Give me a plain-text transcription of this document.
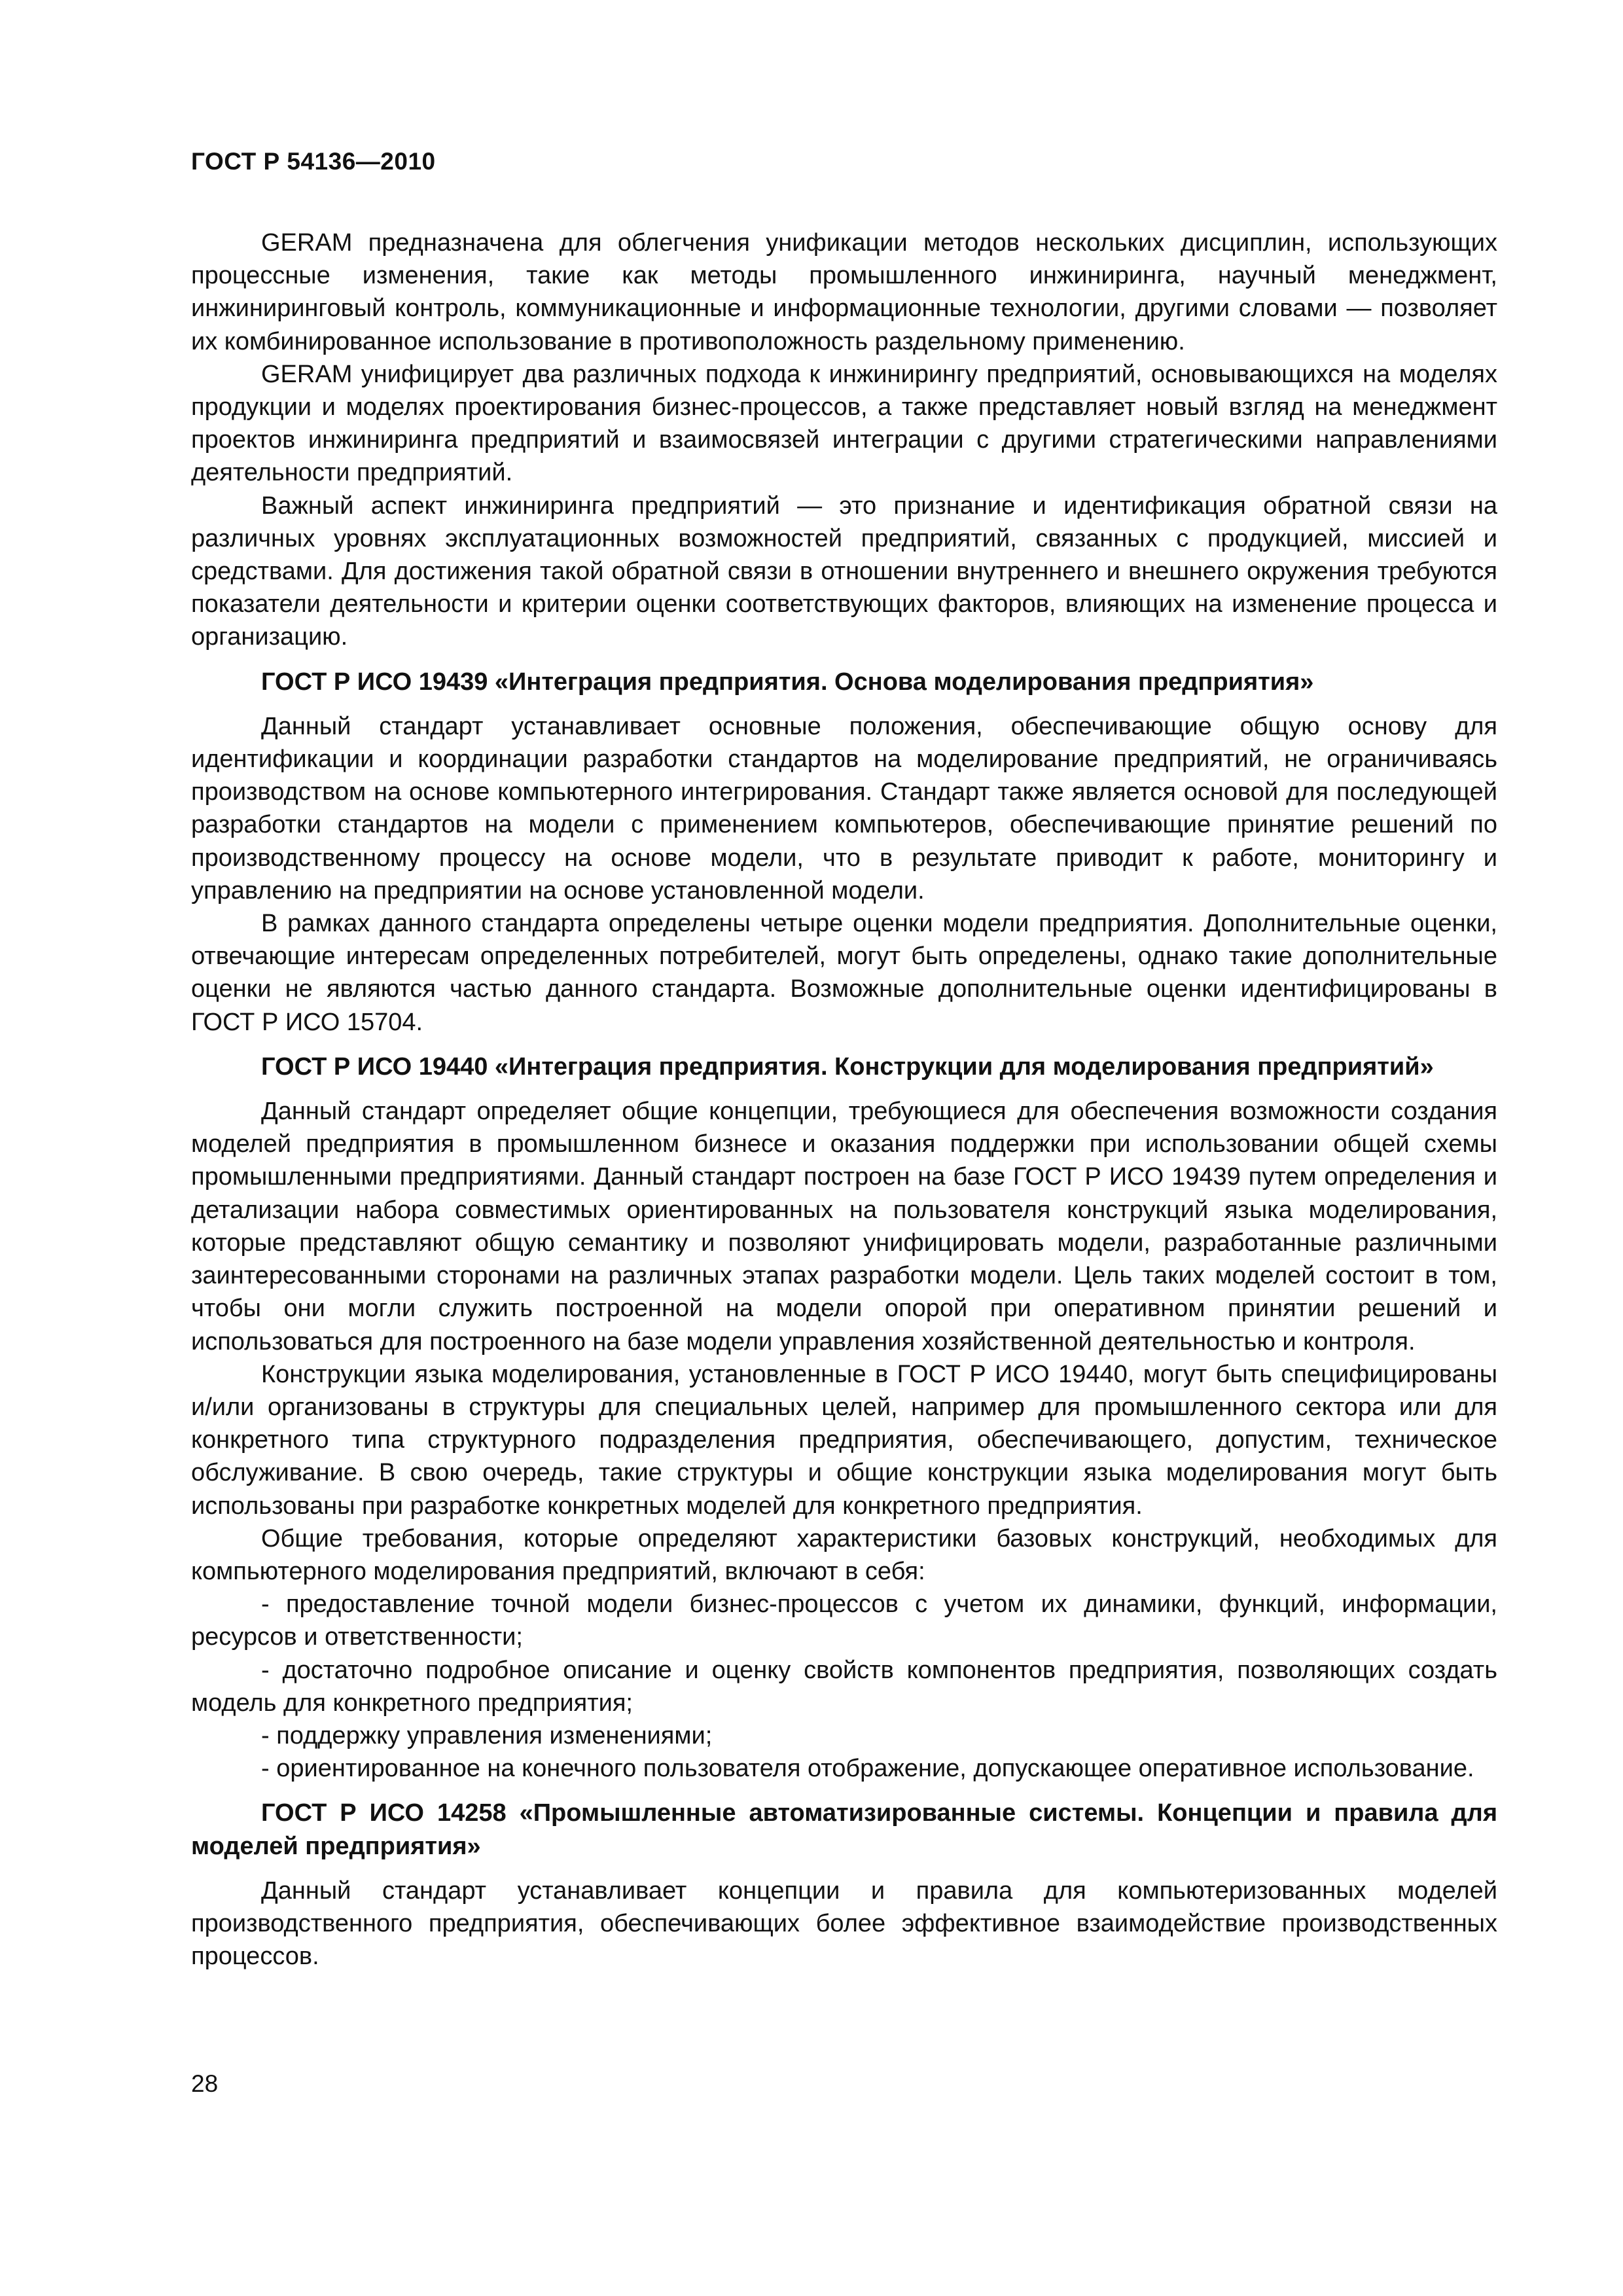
ГОСТ Р 54136—2010

GERAM предназначена для облегчения унификации методов нескольких дисциплин, использующих процессные изменения, такие как методы промышленного инжиниринга, научный менеджмент, инжиниринговый контроль, коммуникационные и информационные технологии, другими словами — позволяет их комбинированное использование в противоположность раздельному применению.

GERAM унифицирует два различных подхода к инжинирингу предприятий, основывающихся на моделях продукции и моделях проектирования бизнес-процессов, а также представляет новый взгляд на менеджмент проектов инжиниринга предприятий и взаимосвязей интеграции с другими стратегическими направлениями деятельности предприятий.

Важный аспект инжиниринга предприятий — это признание и идентификация обратной связи на различных уровнях эксплуатационных возможностей предприятий, связанных с продукцией, миссией и средствами. Для достижения такой обратной связи в отношении внутреннего и внешнего окружения требуются показатели деятельности и критерии оценки соответствующих факторов, влияющих на изменение процесса и организацию.

ГОСТ Р ИСО 19439 «Интеграция предприятия. Основа моделирования предприятия»

Данный стандарт устанавливает основные положения, обеспечивающие общую основу для идентификации и координации разработки стандартов на моделирование предприятий, не ограничиваясь производством на основе компьютерного интегрирования. Стандарт также является основой для последующей разработки стандартов на модели с применением компьютеров, обеспечивающие принятие решений по производственному процессу на основе модели, что в результате приводит к работе, мониторингу и управлению на предприятии на основе установленной модели.

В рамках данного стандарта определены четыре оценки модели предприятия. Дополнительные оценки, отвечающие интересам определенных потребителей, могут быть определены, однако такие дополнительные оценки не являются частью данного стандарта. Возможные дополнительные оценки идентифицированы в ГОСТ Р ИСО 15704.

ГОСТ Р ИСО 19440 «Интеграция предприятия. Конструкции для моделирования предприятий»

Данный стандарт определяет общие концепции, требующиеся для обеспечения возможности создания моделей предприятия в промышленном бизнесе и оказания поддержки при использовании общей схемы промышленными предприятиями. Данный стандарт построен на базе ГОСТ Р ИСО 19439 путем определения и детализации набора совместимых ориентированных на пользователя конструкций языка моделирования, которые представляют общую семантику и позволяют унифицировать модели, разработанные различными заинтересованными сторонами на различных этапах разработки модели. Цель таких моделей состоит в том, чтобы они могли служить построенной на модели опорой при оперативном принятии решений и использоваться для построенного на базе модели управления хозяйственной деятельностью и контроля.

Конструкции языка моделирования, установленные в ГОСТ Р ИСО 19440, могут быть специфицированы и/или организованы в структуры для специальных целей, например для промышленного сектора или для конкретного типа структурного подразделения предприятия, обеспечивающего, допустим, техническое обслуживание. В свою очередь, такие структуры и общие конструкции языка моделирования могут быть использованы при разработке конкретных моделей для конкретного предприятия.

Общие требования, которые определяют характеристики базовых конструкций, необходимых для компьютерного моделирования предприятий, включают в себя:

- предоставление точной модели бизнес-процессов с учетом их динамики, функций, информации, ресурсов и ответственности;

- достаточно подробное описание и оценку свойств компонентов предприятия, позволяющих создать модель для конкретного предприятия;

- поддержку управления изменениями;

- ориентированное на конечного пользователя отображение, допускающее оперативное использование.

ГОСТ Р ИСО 14258 «Промышленные автоматизированные системы. Концепции и правила для моделей предприятия»

Данный стандарт устанавливает концепции и правила для компьютеризованных моделей производственного предприятия, обеспечивающих более эффективное взаимодействие производственных процессов.

28
